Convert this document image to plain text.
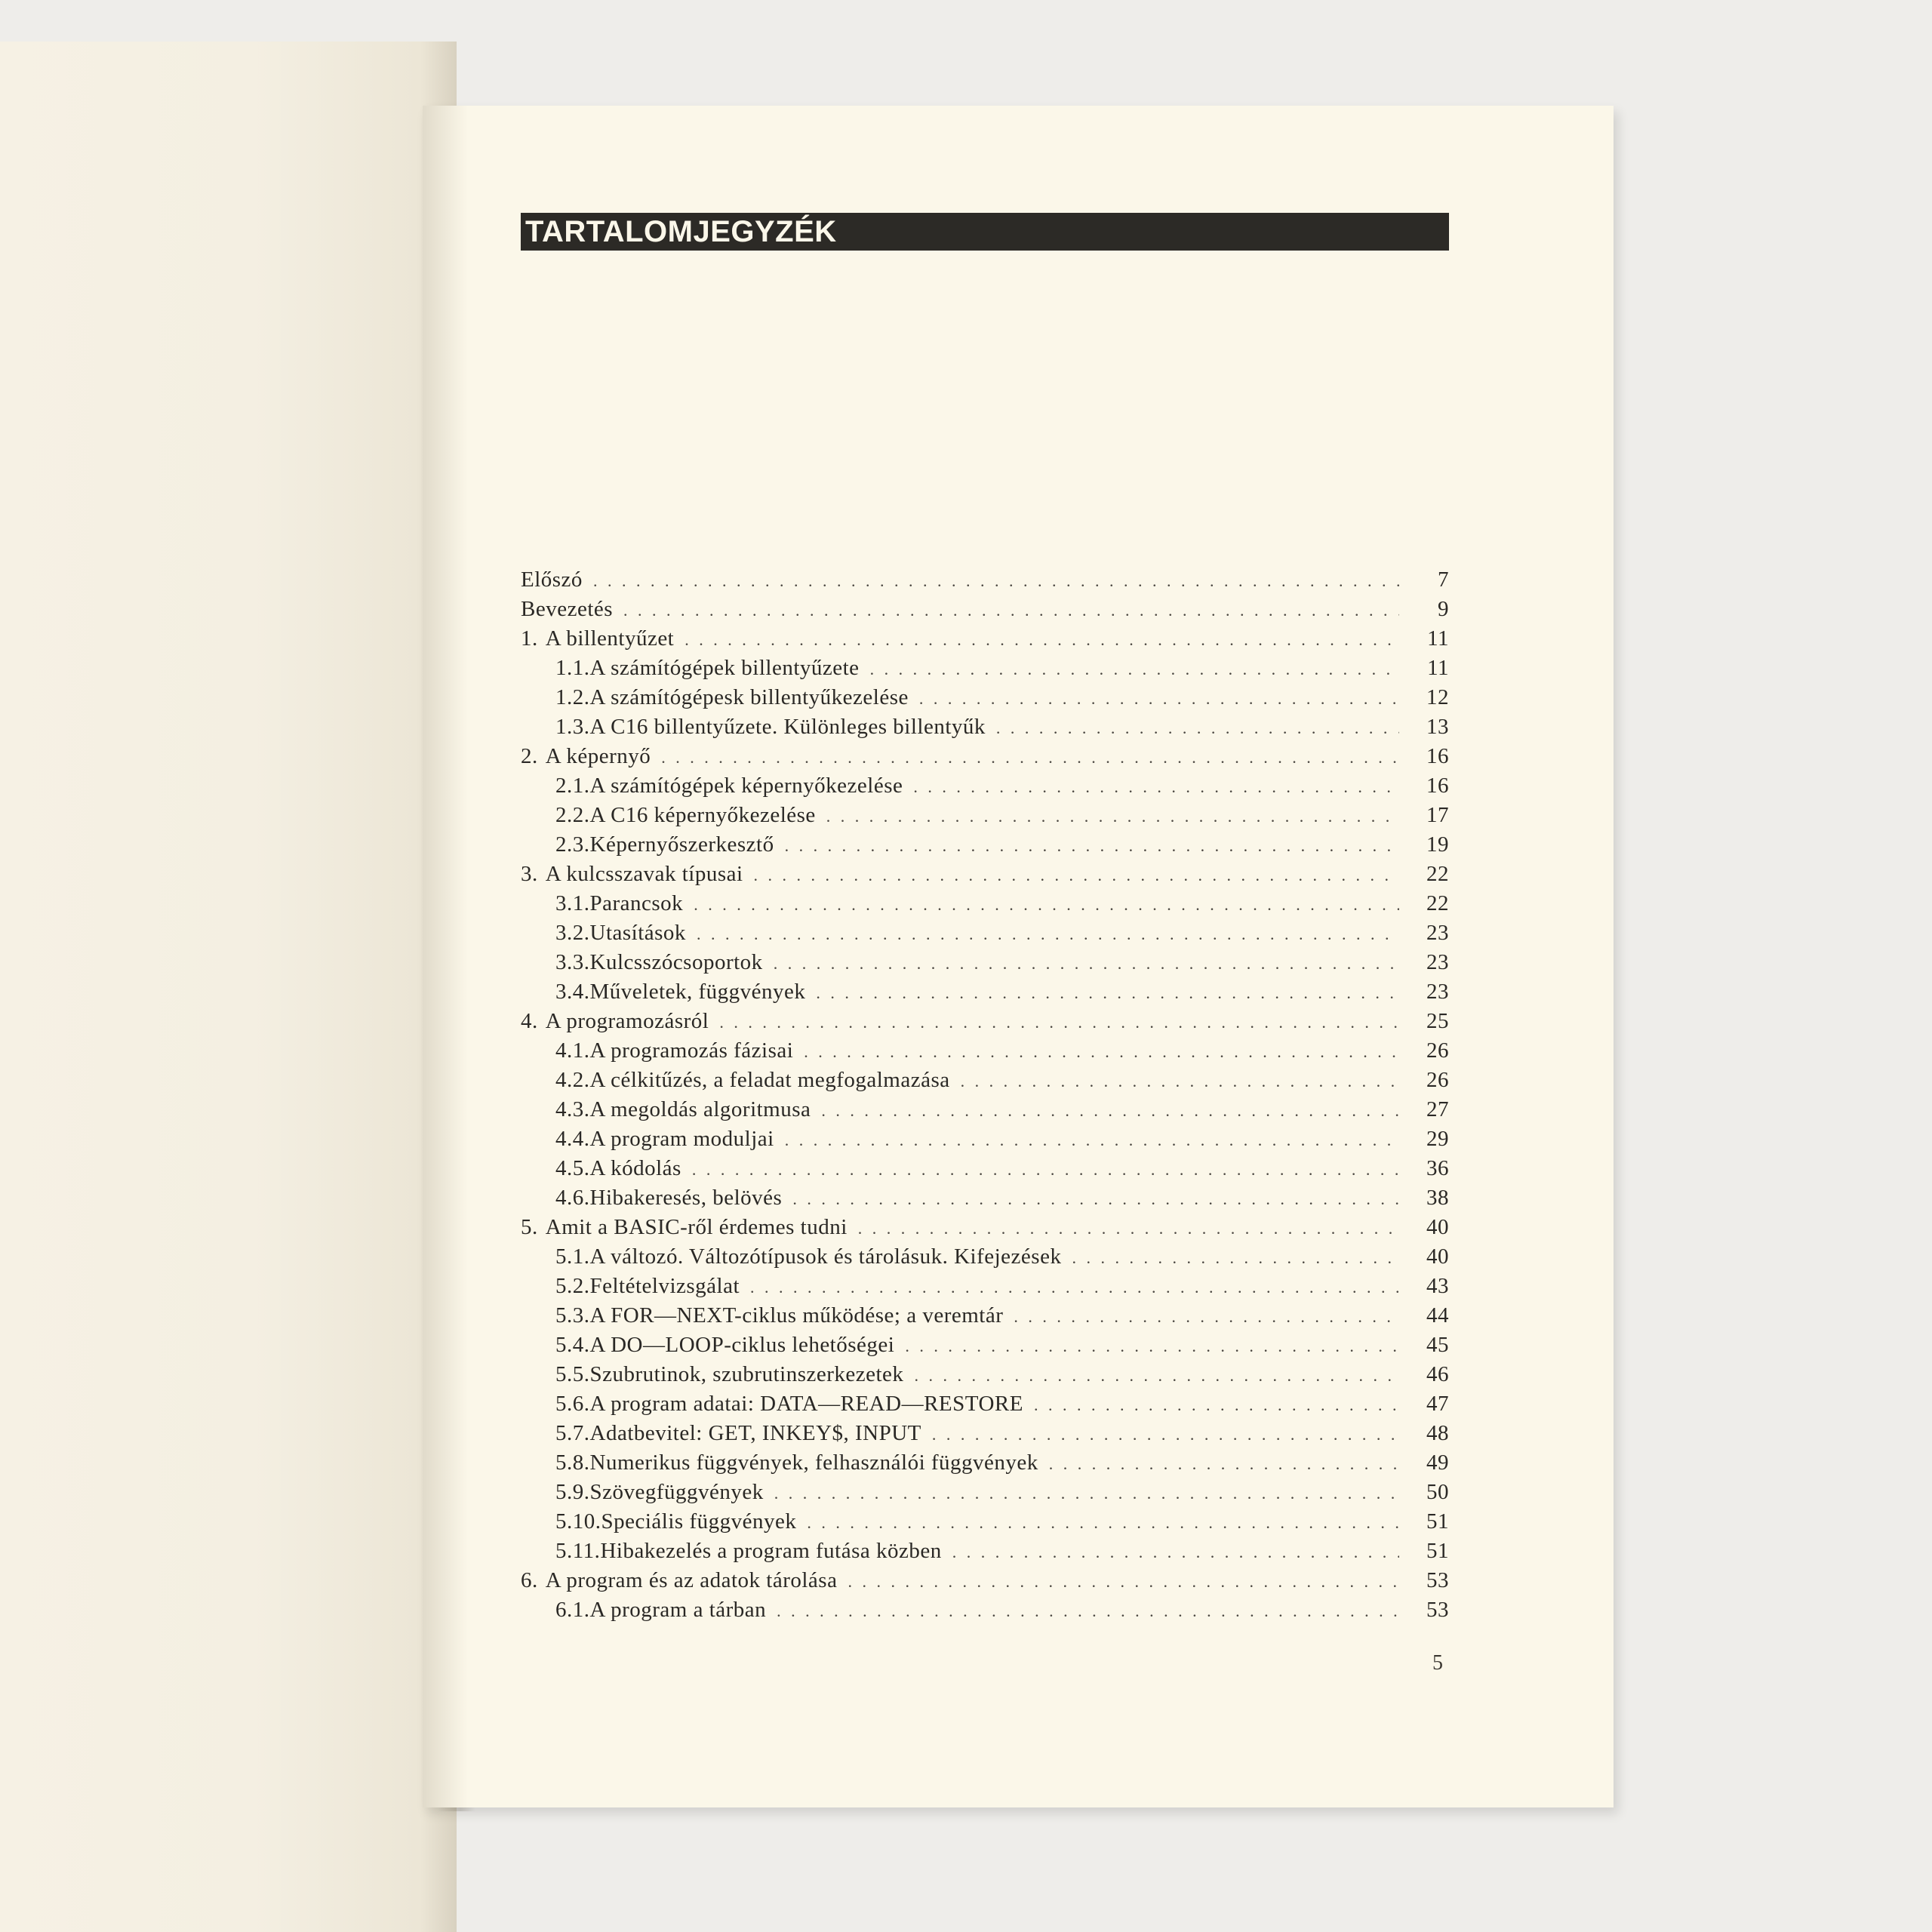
TARTALOMJEGYZÉK
Előszó . . .	7
Bevezetés . . .	9
1. A billentyűzet . . .	11
1.1. A számítógépek billentyűzete . . .	11
1.2. A számítógépesk billentyűkezelése . . .	12
1.3. A C16 billentyűzete. Különleges billentyűk . . .	13
2. A képernyő . . .	16
2.1. A számítógépek képernyőkezelése . . .	16
2.2. A C16 képernyőkezelése . . .	17
2.3. Képernyőszerkesztő . . .	19
3. A kulcsszavak típusai . . .	22
3.1. Parancsok . . .	22
3.2. Utasítások . . .	23
3.3. Kulcsszócsoportok . . .	23
3.4. Műveletek, függvények . . .	23
4. A programozásról . . .	25
4.1. A programozás fázisai . . .	26
4.2. A célkitűzés, a feladat megfogalmazása . . .	26
4.3. A megoldás algoritmusa . . .	27
4.4. A program moduljai . . .	29
4.5. A kódolás . . .	36
4.6. Hibakeresés, belövés . . .	38
5. Amit a BASIC-ről érdemes tudni . . .	40
5.1. A változó. Változótípusok és tárolásuk. Kifejezések . . .	40
5.2. Feltételvizsgálat . . .	43
5.3. A FOR—NEXT-ciklus működése; a veremtár . . .	44
5.4. A DO—LOOP-ciklus lehetőségei . . .	45
5.5. Szubrutinok, szubrutinszerkezetek . . .	46
5.6. A program adatai: DATA—READ—RESTORE . . .	47
5.7. Adatbevitel: GET, INKEY$, INPUT . . .	48
5.8. Numerikus függvények, felhasználói függvények . . .	49
5.9. Szövegfüggvények . . .	50
5.10. Speciális függvények . . .	51
5.11. Hibakezelés a program futása közben . . .	51
6. A program és az adatok tárolása . . .	53
6.1. A program a tárban . . .	53
5
